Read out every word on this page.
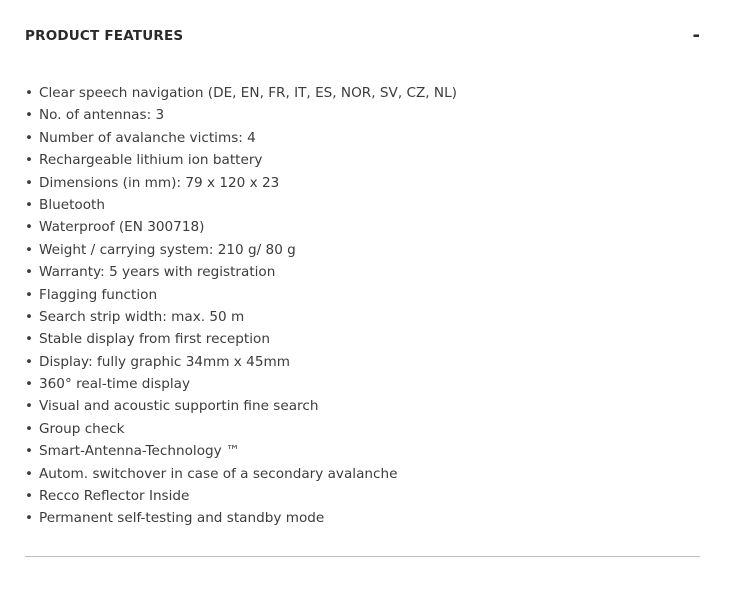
PRODUCT FEATURES	-
• Clear speech navigation (DE, EN, FR, IT, ES, NOR, SV, CZ, NL)
• No. of antennas: 3
• Number of avalanche victims: 4
• Rechargeable lithium ion battery
• Dimensions (in mm): 79 x 120 x 23
• Bluetooth
• Waterproof (EN 300718)
• Weight / carrying system: 210 g/ 80 g
• Warranty: 5 years with registration
• Flagging function
• Search strip width: max. 50 m
• Stable display from first reception
• Display: fully graphic 34mm x 45mm
• 360° real-time display
• Visual and acoustic supportin fine search
• Group check
• Smart-Antenna-Technology ™
• Autom. switchover in case of a secondary avalanche
• Recco Reflector Inside
• Permanent self-testing and standby mode
